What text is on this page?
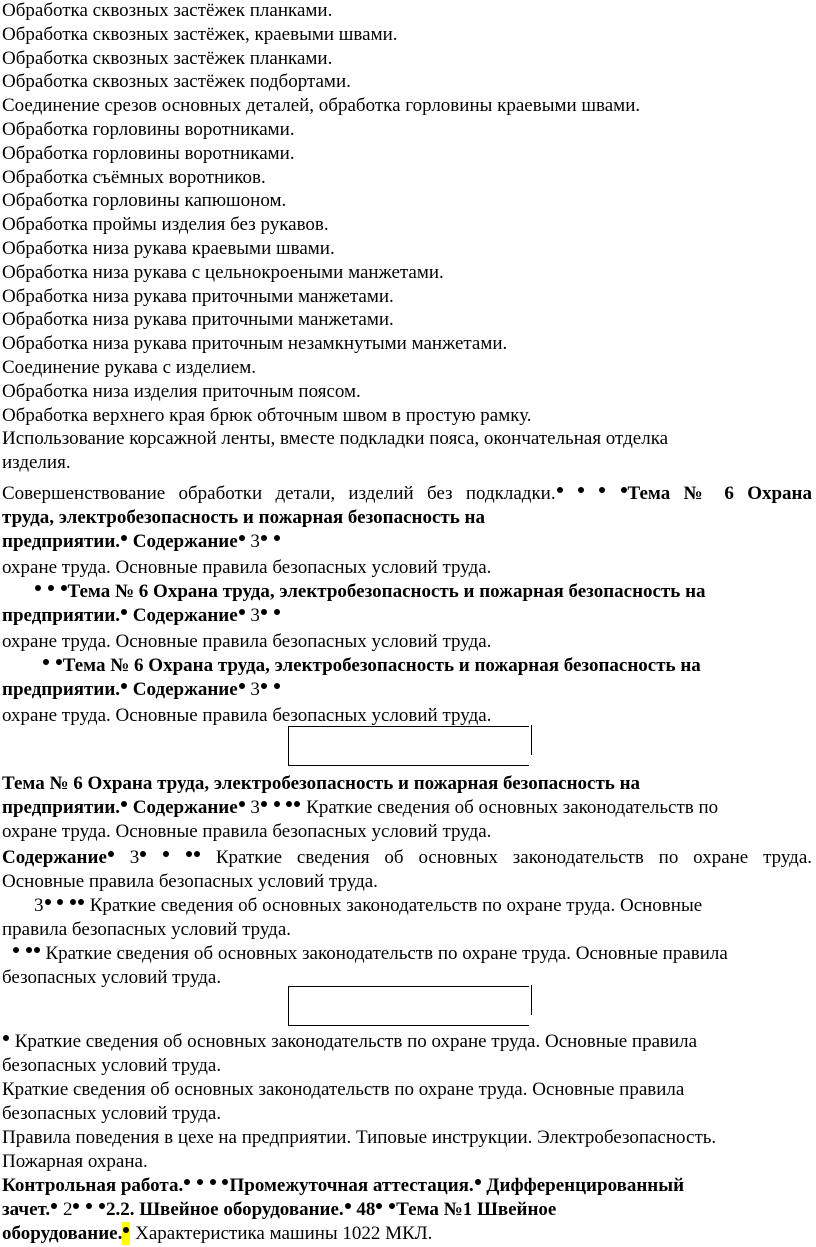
Обработка сквозных застёжек планками.
Обработка сквозных застёжек, краевыми швами.
Обработка сквозных застёжек планками.
Обработка сквозных застёжек подбортами.
Соединение срезов основных деталей, обработка горловины краевыми швами.
Обработка горловины воротниками.
Обработка горловины воротниками.
Обработка съёмных воротников.
Обработка горловины капюшоном.
Обработка проймы изделия без рукавов.
Обработка низа рукава краевыми швами.
Обработка низа рукава с цельнокроеными манжетами.
Обработка низа рукава приточными манжетами.
Обработка низа рукава приточными манжетами.
Обработка низа рукава приточным незамкнутыми манжетами.
Соединение рукава с изделием.
Обработка низа изделия приточным поясом.
Обработка верхнего края брюк обточным швом в простую рамку.
Использование корсажной ленты, вместе подкладки пояса, окончательная отделка
изделия.
Совершенствование обработки детали, изделий без подкладки.	Тема № 6 Охрана
труда, электробезопасность и пожарная безопасность на
предприятии. Содержание 3
охране труда. Основные правила безопасных условий труда.
Тема № 6 Охрана труда, электробезопасность и пожарная безопасность на
предприятии. Содержание 3
охране труда. Основные правила безопасных условий труда.
Тема № 6 Охрана труда, электробезопасность и пожарная безопасность на
предприятии. Содержание 3
охране труда. Основные правила безопасных условий труда.
Тема № 6 Охрана труда, электробезопасность и пожарная безопасность на
предприятии. Содержание 3 Краткие сведения об основных законодательств по
охране труда. Основные правила безопасных условий труда.
Содержание 3	Краткие сведения об основных законодательств по охране труда.
Основные правила безопасных условий труда.
3 Краткие сведения об основных законодательств по охране труда. Основные
правила безопасных условий труда.
Краткие сведения об основных законодательств по охране труда. Основные правила
безопасных условий труда.
Краткие сведения об основных законодательств по охране труда. Основные правила
безопасных условий труда.
Краткие сведения об основных законодательств по охране труда. Основные правила
безопасных условий труда.
Правила поведения в цехе на предприятии. Типовые инструкции. Электробезопасность.
Пожарная охрана.
Контрольная работа. Промежуточная аттестация. Дифференцированный
зачет. 2 2.2. Швейное оборудование. 48 Тема №1 Швейное
оборудование. Характеристика машины 1022 МКЛ.
